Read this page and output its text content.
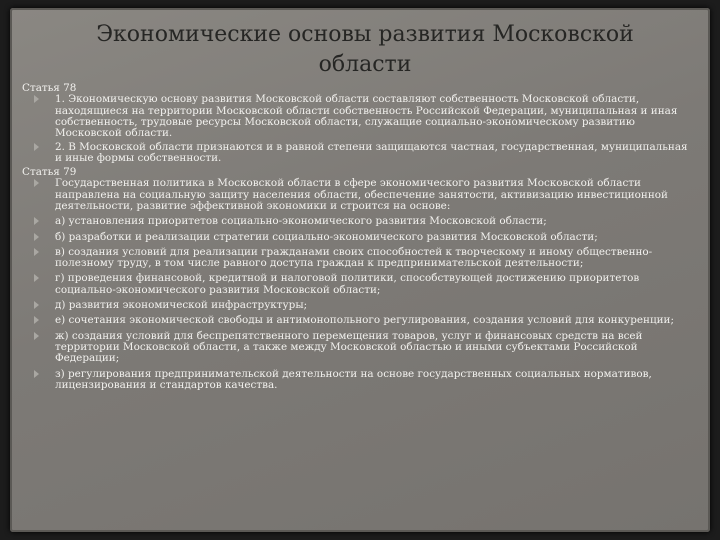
Экономические основы развития Московской области

Статья 78

1. Экономическую основу развития Московской области составляют собственность Московской области, находящиеся на территории Московской области собственность Российской Федерации, муниципальная и иная собственность, трудовые ресурсы Московской области, служащие социально-экономическому развитию Московской области.

2. В Московской области признаются и в равной степени защищаются частная, государственная, муниципальная и иные формы собственности.

Статья 79

Государственная политика в Московской области в сфере экономического развития Московской области направлена на социальную защиту населения области, обеспечение занятости, активизацию инвестиционной деятельности, развитие эффективной экономики и строится на основе:

а) установления приоритетов социально-экономического развития Московской области;

б) разработки и реализации стратегии социально-экономического развития Московской области;

в) создания условий для реализации гражданами своих способностей к творческому и иному общественно-полезному труду, в том числе равного доступа граждан к предпринимательской деятельности;

г) проведения финансовой, кредитной и налоговой политики, способствующей достижению приоритетов социально-экономического развития Московской области;

д) развития экономической инфраструктуры;

е) сочетания экономической свободы и антимонопольного регулирования, создания условий для конкуренции;

ж) создания условий для беспрепятственного перемещения товаров, услуг и финансовых средств на всей территории Московской области, а также между Московской областью и иными субъектами Российской Федерации;

з) регулирования предпринимательской деятельности на основе государственных социальных нормативов, лицензирования и стандартов качества.
